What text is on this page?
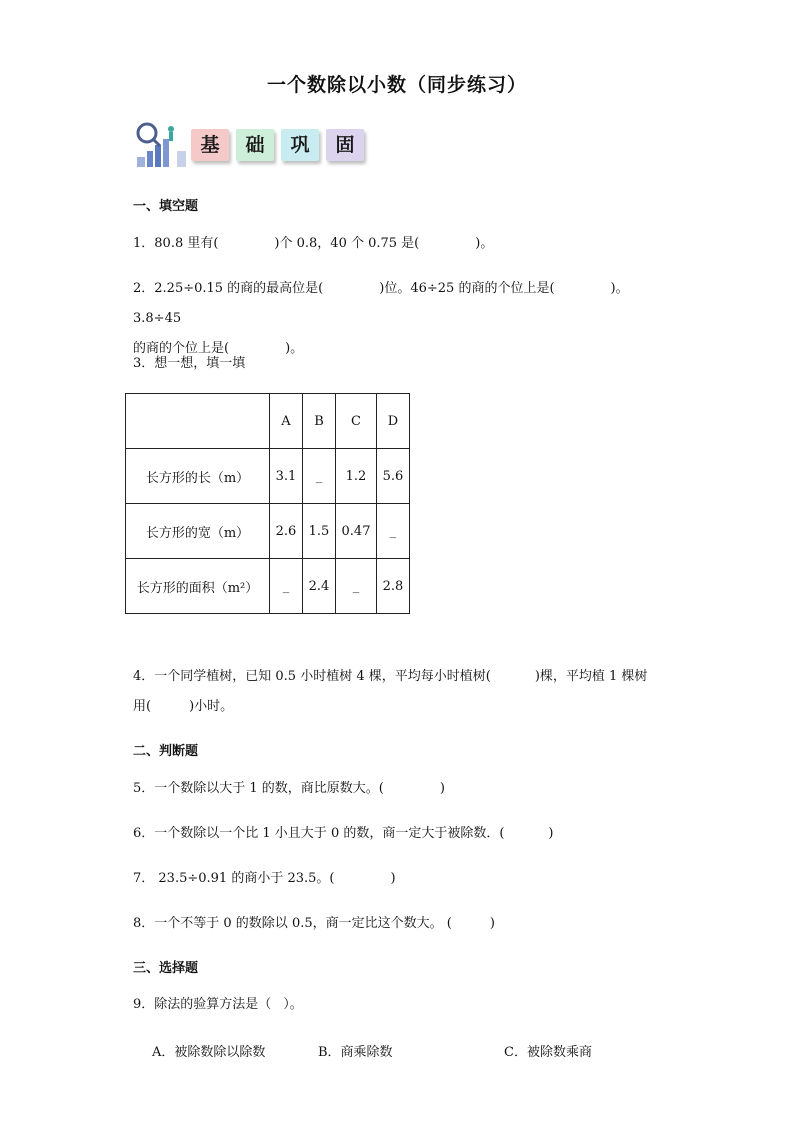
一个数除以小数（同步练习）
基	础	巩	固
一、填空题
1．80.8 里有(	)个 0.8，40 个 0.75 是(	)。
2．2.25÷0.15 的商的最高位是(	)位。46÷25 的商的个位上是(	)。3.8÷45
的商的个位上是(	)。
3．想一想，填一填
	A	B	C	D
长方形的长（m）	3.1	_	1.2	5.6
长方形的宽（m）	2.6	1.5	0.47	_
长方形的面积（m²）	_	2.4	_	2.8
4．一个同学植树，已知 0.5 小时植树 4 棵，平均每小时植树(	)棵，平均植 1 棵树
用(	)小时。
二、判断题
5．一个数除以大于 1 的数，商比原数大。(	)
6．一个数除以一个比 1 小且大于 0 的数，商一定大于被除数．(	)
7． 23.5÷0.91 的商小于 23.5。(	)
8．一个不等于 0 的数除以 0.5，商一定比这个数大。 (	)
三、选择题
9．除法的验算方法是（ ）。
A．被除数除以除数	B．商乘除数	C．被除数乘商
